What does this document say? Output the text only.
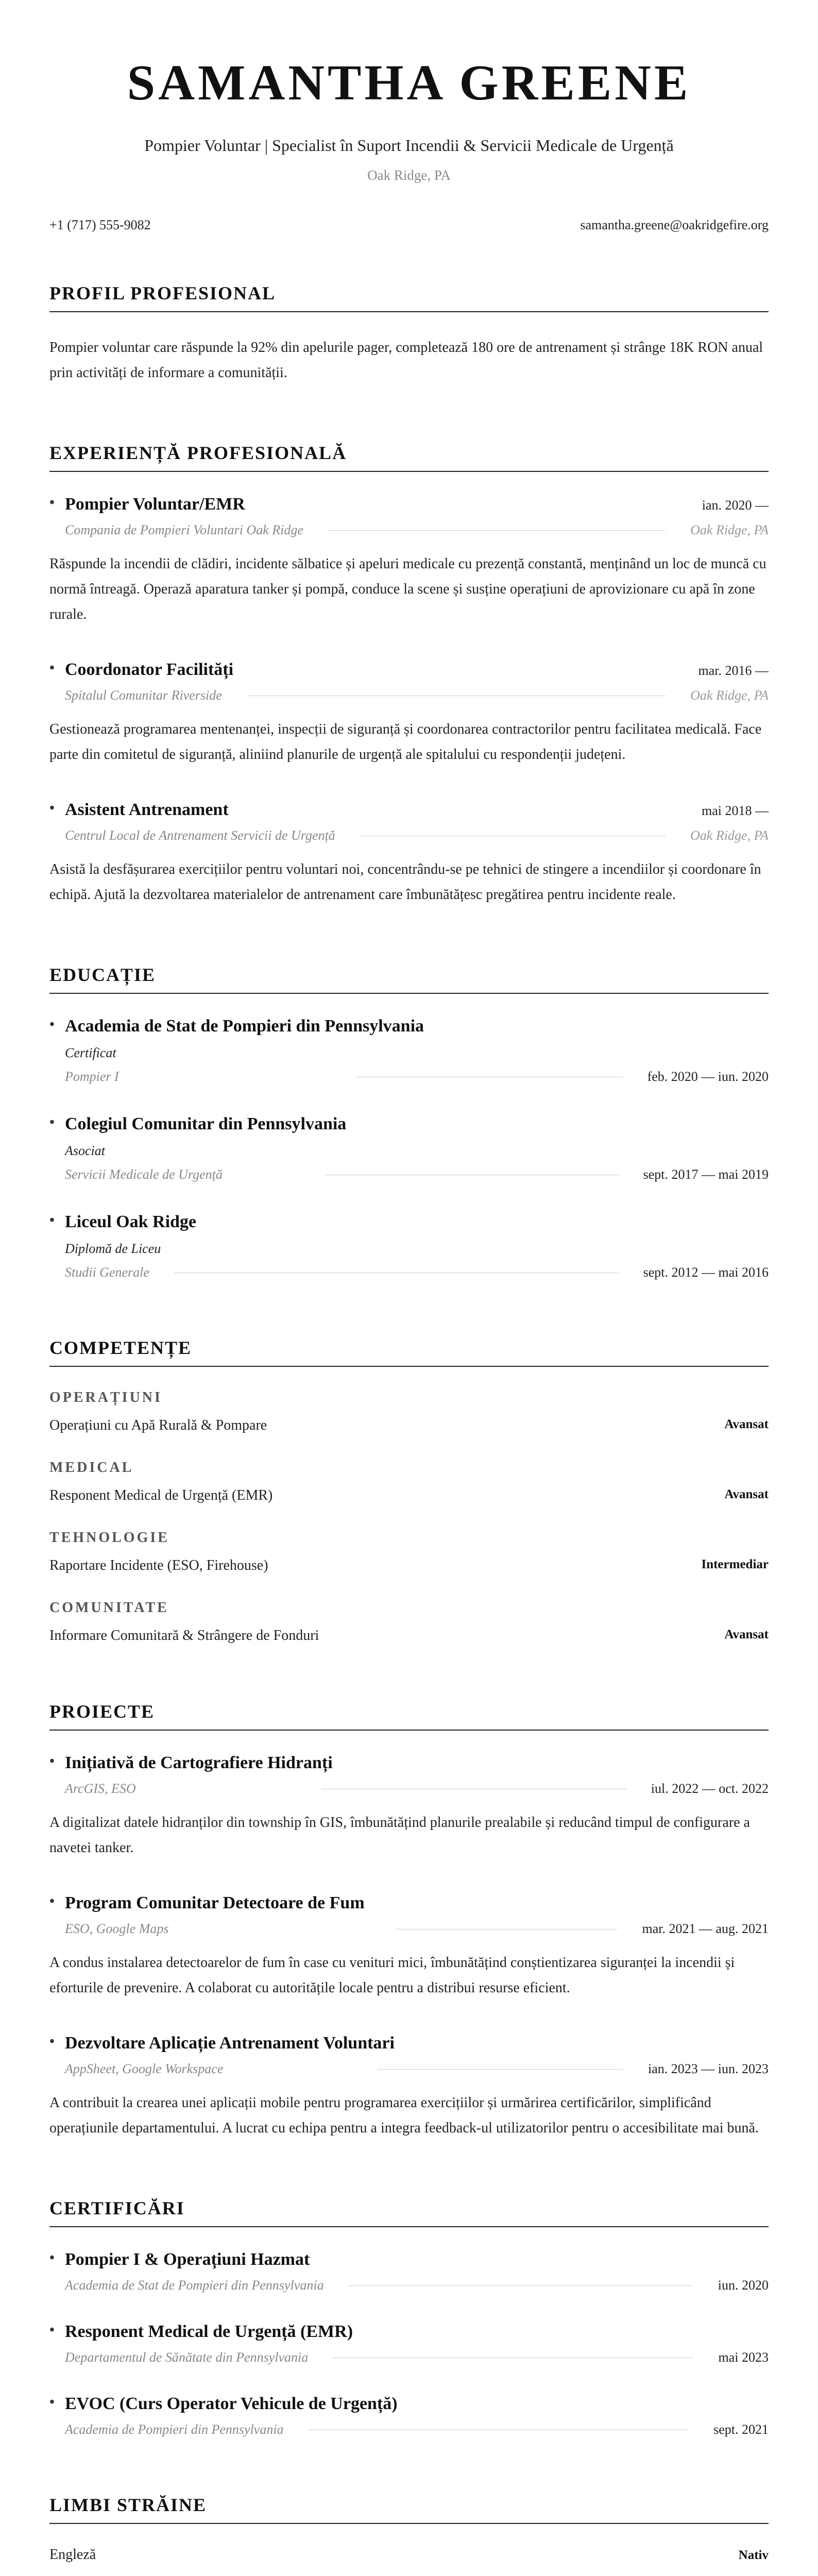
SAMANTHA GREENE
Pompier Voluntar | Specialist în Suport Incendii & Servicii Medicale de Urgență
Oak Ridge, PA
+1 (717) 555-9082	samantha.greene@oakridgefire.org
PROFIL PROFESIONAL

Pompier voluntar care răspunde la 92% din apelurile pager, completează 180 ore de antrenament și strânge 18K RON anual prin activități de informare a comunității.

EXPERIENȚĂ PROFESIONALĂ
• Pompier Voluntar/EMR	ian. 2020 —
Compania de Pompieri Voluntari Oak Ridge	Oak Ridge, PA

Răspunde la incendii de clădiri, incidente sălbatice și apeluri medicale cu prezență constantă, menținând un loc de muncă cu normă întreagă. Operază aparatura tanker și pompă, conduce la scene și susține operațiuni de aprovizionare cu apă în zone rurale.

• Coordonator Facilități	mar. 2016 —
Spitalul Comunitar Riverside	Oak Ridge, PA

Gestionează programarea mentenanței, inspecții de siguranță și coordonarea contractorilor pentru facilitatea medicală. Face parte din comitetul de siguranță, aliniind planurile de urgență ale spitalului cu respondenții județeni.

• Asistent Antrenament	mai 2018 —
Centrul Local de Antrenament Servicii de Urgență	Oak Ridge, PA

Asistă la desfășurarea exercițiilor pentru voluntari noi, concentrându-se pe tehnici de stingere a incendiilor și coordonare în echipă. Ajută la dezvoltarea materialelor de antrenament care îmbunătățesc pregătirea pentru incidente reale.

EDUCAȚIE
• Academia de Stat de Pompieri din Pennsylvania
Certificat
Pompier I	feb. 2020 — iun. 2020
• Colegiul Comunitar din Pennsylvania
Asociat
Servicii Medicale de Urgență	sept. 2017 — mai 2019
• Liceul Oak Ridge
Diplomă de Liceu
Studii Generale	sept. 2012 — mai 2016
COMPETENȚE
OPERAȚIUNI
Operațiuni cu Apă Rurală & Pompare	Avansat
MEDICAL
Responent Medical de Urgență (EMR)	Avansat
TEHNOLOGIE
Raportare Incidente (ESO, Firehouse)	Intermediar
COMUNITATE
Informare Comunitară & Strângere de Fonduri	Avansat
PROIECTE
• Inițiativă de Cartografiere Hidranți
ArcGIS, ESO	iul. 2022 — oct. 2022

A digitalizat datele hidranților din township în GIS, îmbunătățind planurile prealabile și reducând timpul de configurare a navetei tanker.

• Program Comunitar Detectoare de Fum
ESO, Google Maps	mar. 2021 — aug. 2021

A condus instalarea detectoarelor de fum în case cu venituri mici, îmbunătățind conștientizarea siguranței la incendii și eforturile de prevenire. A colaborat cu autoritățile locale pentru a distribui resurse eficient.

• Dezvoltare Aplicație Antrenament Voluntari
AppSheet, Google Workspace	ian. 2023 — iun. 2023

A contribuit la crearea unei aplicații mobile pentru programarea exercițiilor și urmărirea certificărilor, simplificând operațiunile departamentului. A lucrat cu echipa pentru a integra feedback-ul utilizatorilor pentru o accesibilitate mai bună.

CERTIFICĂRI
• Pompier I & Operațiuni Hazmat
Academia de Stat de Pompieri din Pennsylvania	iun. 2020
• Responent Medical de Urgență (EMR)
Departamentul de Sănătate din Pennsylvania	mai 2023
• EVOC (Curs Operator Vehicule de Urgență)
Academia de Pompieri din Pennsylvania	sept. 2021
LIMBI STRĂINE
Engleză	Nativ
